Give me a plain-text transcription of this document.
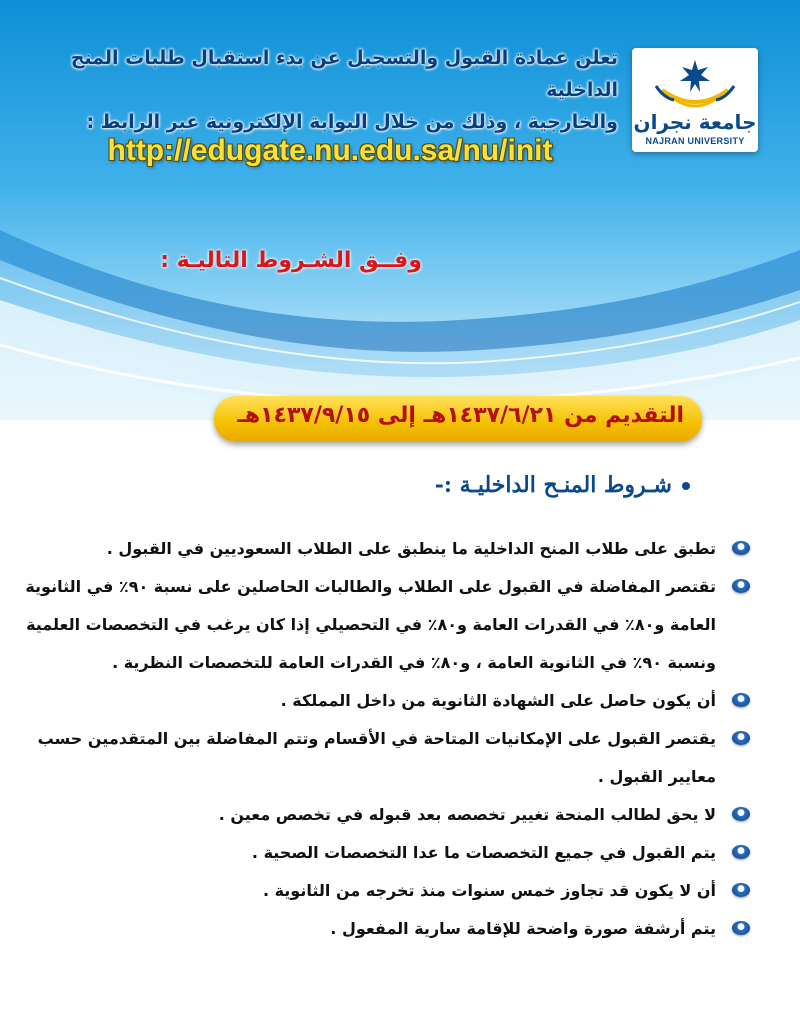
جامعة نجران
NAJRAN UNIVERSITY
تعلن عمادة القبول والتسجيل عن بدء استقبال طلبات المنح الداخلية
والخارجية ، وذلك من خلال البوابة الإلكترونية عبر الرابط :
http://edugate.nu.edu.sa/nu/init
وفــق الشـروط التاليـة :
التقديم من ١٤٣٧/٦/٢١هـ إلى ١٤٣٧/٩/١٥هـ
شـروط المنـح الداخليـة :-
تطبق على طلاب المنح الداخلية ما ينطبق على الطلاب السعوديين في القبول .
تقتصر المفاضلة في القبول على الطلاب والطالبات الحاصلين على نسبة ٩٠٪ في الثانوية العامة و٨٠٪ في القدرات العامة و٨٠٪ في التحصيلي إذا كان يرغب في التخصصات العلمية ونسبة ٩٠٪ في الثانوية العامة ، و٨٠٪ في القدرات العامة للتخصصات النظرية .
أن يكون حاصل على الشهادة الثانوية من داخل المملكة .
يقتصر القبول على الإمكانيات المتاحة في الأقسام وتتم المفاضلة بين المتقدمين حسب معايير القبول .
لا يحق لطالب المنحة تغيير تخصصه بعد قبوله في تخصص معين .
يتم القبول في جميع التخصصات ما عدا التخصصات الصحية .
أن لا يكون قد تجاوز خمس سنوات منذ تخرجه من الثانوية .
يتم أرشفة صورة واضحة للإقامة سارية المفعول .
